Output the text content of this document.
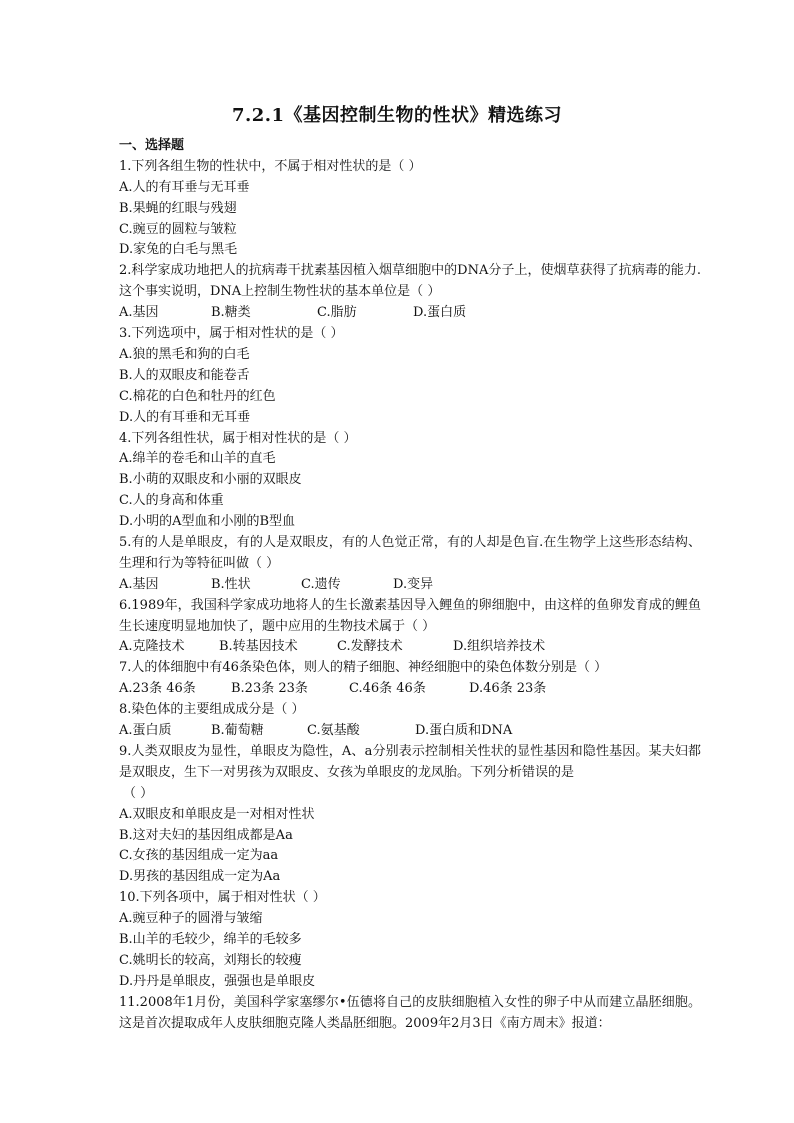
7.2.1《基因控制生物的性状》精选练习
一、选择题
1.下列各组生物的性状中，不属于相对性状的是（ ）
A.人的有耳垂与无耳垂
B.果蝇的红眼与残翅
C.豌豆的圆粒与皱粒
D.家兔的白毛与黑毛
2.科学家成功地把人的抗病毒干扰素基因植入烟草细胞中的DNA分子上，使烟草获得了抗病毒的能力.这个事实说明，DNA上控制生物性状的基本单位是（ ）
A.基因	B.糖类	C.脂肪	D.蛋白质
3.下列选项中，属于相对性状的是（ ）
A.狼的黑毛和狗的白毛
B.人的双眼皮和能卷舌
C.棉花的白色和牡丹的红色
D.人的有耳垂和无耳垂
4.下列各组性状，属于相对性状的是（ ）
A.绵羊的卷毛和山羊的直毛
B.小萌的双眼皮和小丽的双眼皮
C.人的身高和体重
D.小明的A型血和小刚的B型血
5.有的人是单眼皮，有的人是双眼皮，有的人色觉正常，有的人却是色盲.在生物学上这些形态结构、生理和行为等特征叫做（ ）
A.基因	B.性状	C.遗传	D.变异
6.1989年，我国科学家成功地将人的生长激素基因导入鲤鱼的卵细胞中，由这样的鱼卵发育成的鲤鱼生长速度明显地加快了，题中应用的生物技术属于（ ）
A.克隆技术	B.转基因技术	C.发酵技术	D.组织培养技术
7.人的体细胞中有46条染色体，则人的精子细胞、神经细胞中的染色体数分别是（ ）
A.23条 46条	B.23条 23条	C.46条 46条	D.46条 23条
8.染色体的主要组成成分是（ ）
A.蛋白质	B.葡萄糖	C.氨基酸	D.蛋白质和DNA
9.人类双眼皮为显性，单眼皮为隐性，A、a分别表示控制相关性状的显性基因和隐性基因。某夫妇都是双眼皮，生下一对男孩为双眼皮、女孩为单眼皮的龙凤胎。下列分析错误的是
（ ）
A.双眼皮和单眼皮是一对相对性状
B.这对夫妇的基因组成都是Aa
C.女孩的基因组成一定为aa
D.男孩的基因组成一定为Aa
10.下列各项中，属于相对性状（ ）
A.豌豆种子的圆滑与皱缩
B.山羊的毛较少，绵羊的毛较多
C.姚明长的较高，刘翔长的较瘦
D.丹丹是单眼皮，强强也是单眼皮
11.2008年1月份，美国科学家塞缪尔•伍德将自己的皮肤细胞植入女性的卵子中从而建立晶胚细胞。这是首次提取成年人皮肤细胞克隆人类晶胚细胞。2009年2月3日《南方周末》报道：
